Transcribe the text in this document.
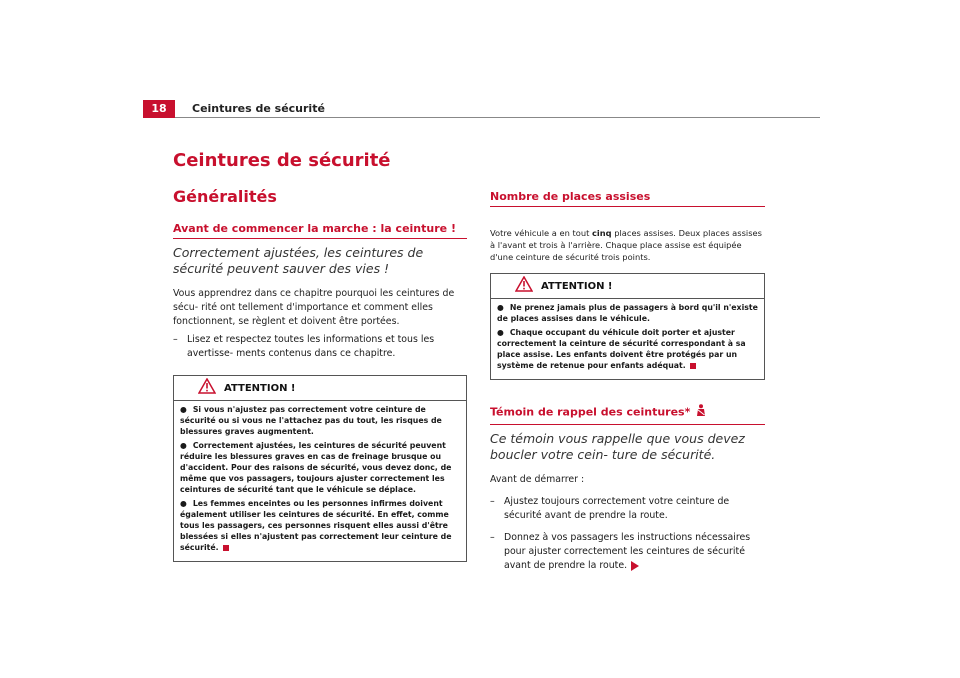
18	Ceintures de sécurité
Ceintures de sécurité
Généralités
Avant de commencer la marche : la ceinture !

Correctement ajustées, les ceintures de sécurité peuvent sauver des vies !

Vous apprendrez dans ce chapitre pourquoi les ceintures de sécu- rité ont tellement d'importance et comment elles fonctionnent, se règlent et doivent être portées.

– Lisez et respectez toutes les informations et tous les avertisse- ments contenus dans ce chapitre.
ATTENTION !

● Si vous n'ajustez pas correctement votre ceinture de sécurité ou si vous ne l'attachez pas du tout, les risques de blessures graves augmentent.

● Correctement ajustées, les ceintures de sécurité peuvent réduire les blessures graves en cas de freinage brusque ou d'accident. Pour des raisons de sécurité, vous devez donc, de même que vos passagers, toujours ajuster correctement les ceintures de sécurité tant que le véhicule se déplace.

● Les femmes enceintes ou les personnes infirmes doivent également utiliser les ceintures de sécurité. En effet, comme tous les passagers, ces personnes risquent elles aussi d'être blessées si elles n'ajustent pas correctement leur ceinture de sécurité.

Nombre de places assises

Votre véhicule a en tout cinq places assises. Deux places assises à l'avant et trois à l'arrière. Chaque place assise est équipée d'une ceinture de sécurité trois points.

ATTENTION !

● Ne prenez jamais plus de passagers à bord qu'il n'existe de places assises dans le véhicule.

● Chaque occupant du véhicule doit porter et ajuster correctement la ceinture de sécurité correspondant à sa place assise. Les enfants doivent être protégés par un système de retenue pour enfants adéquat.

Témoin de rappel des ceintures*

Ce témoin vous rappelle que vous devez boucler votre cein- ture de sécurité.

Avant de démarrer :

– Ajustez toujours correctement votre ceinture de sécurité avant de prendre la route.
– Donnez à vos passagers les instructions nécessaires pour ajuster correctement les ceintures de sécurité avant de prendre la route.
